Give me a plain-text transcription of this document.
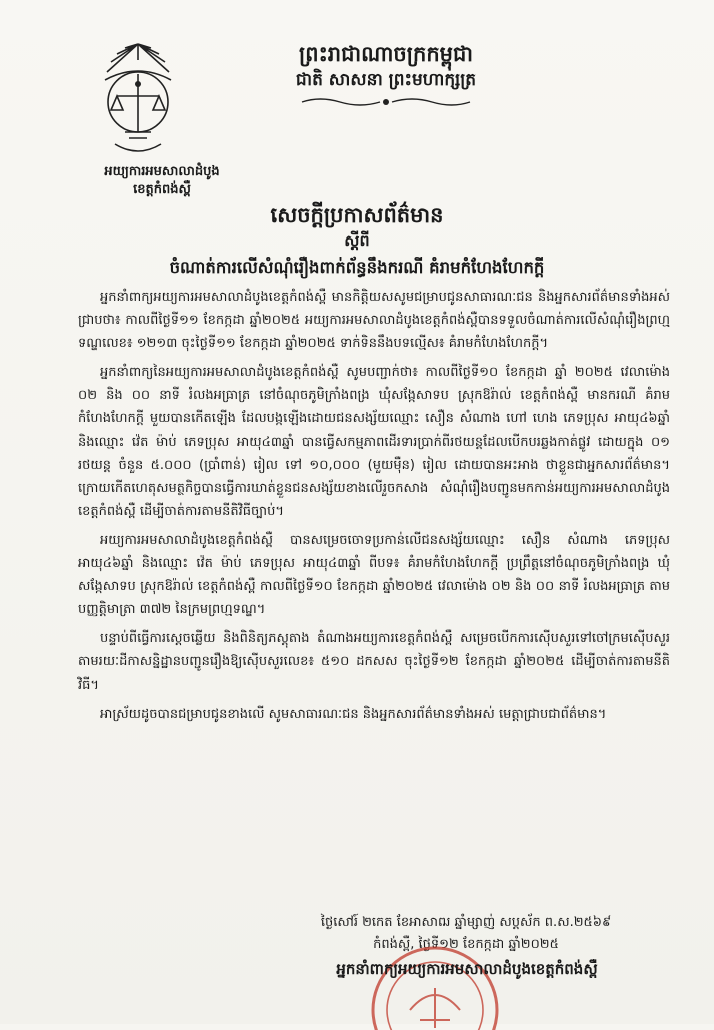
ព្រះរាជាណាចក្រកម្ពុជា
ជាតិ សាសនា ព្រះមហាក្សត្រ
អយ្យការអមសាលាដំបូង
ខេត្តកំពង់ស្ពឺ
សេចក្ដីប្រកាសព័ត៌មាន
ស្ដីពី
ចំណាត់ការលើសំណុំរឿងពាក់ព័ន្ធនឹងករណី គំរាមកំហែងហែកក្ដី

អ្នកនាំពាក្យអយ្យការអមសាលាដំបូងខេត្តកំពង់ស្ពឺ មានកិត្តិយសសូមជម្រាបជូនសាធារណៈជន និងអ្នកសារព័ត៌មានទាំងអស់ជ្រាបថា៖ កាលពីថ្ងៃទី១១ ខែកក្កដា ឆ្នាំ២០២៥ អយ្យការអមសាលាដំបូងខេត្តកំពង់ស្ពឺបានទទួលចំណាត់ការលើសំណុំរឿងព្រហ្មទណ្ឌលេខ៖ ១២១៣ ចុះថ្ងៃទី១១ ខែកក្កដា ឆ្នាំ២០២៥ ទាក់ទិននឹងបទល្មើស៖ គំរាមកំហែងហែកក្ដី។

អ្នកនាំពាក្យនៃអយ្យការអមសាលាដំបូងខេត្តកំពង់ស្ពឺ សូមបញ្ជាក់ថា៖ កាលពីថ្ងៃទី១០ ខែកក្កដា ឆ្នាំ ២០២៥ វេលាម៉ោង ០២ និង ០០ នាទី រំលងអធ្រាត្រ នៅចំណុចភូមិក្រាំងពង្រ ឃុំសង្កែសាទប ស្រុកឱរ៉ាល់ ខេត្តកំពង់ស្ពឺ មានករណី គំរាមកំហែងហែកក្ដី មួយបានកើតឡើង ដែលបង្កឡើងដោយជនសង្ស័យឈ្មោះ សឿន សំណាង ហៅ ហេង ភេទប្រុស អាយុ៤៦ឆ្នាំ និងឈ្មោះ វ៉េត ម៉ាប់ ភេទប្រុស អាយុ៤៣ឆ្នាំ បានធ្វើសកម្មភាពដើរទារប្រាក់ពីរថយន្តដែលបើកបរឆ្លងកាត់ផ្លូវ ដោយក្នុង ០១ រថយន្ត ចំនួន ៥.០០០ (ប្រាំពាន់) រៀល ទៅ ១០,០០០ (មួយម៉ឺន) រៀល ដោយបានអះអាង ថាខ្លួនជាអ្នកសារព័ត៌មាន។ ក្រោយកើតហេតុសមត្ថកិច្ចបានធ្វើការឃាត់ខ្លួនជនសង្ស័យខាងលើរួចកសាង សំណុំរឿងបញ្ជូនមកកាន់អយ្យការអមសាលាដំបូងខេត្តកំពង់ស្ពឺ ដើម្បីចាត់ការតាមនីតិវិធីច្បាប់។

អយ្យការអមសាលាដំបូងខេត្តកំពង់ស្ពឺ បានសម្រេចចោទប្រកាន់លើជនសង្ស័យឈ្មោះ សឿន សំណាង ភេទប្រុស អាយុ៤៦ឆ្នាំ និងឈ្មោះ វ៉េត ម៉ាប់ ភេទប្រុស អាយុ៤៣ឆ្នាំ ពីបទ៖ គំរាមកំហែងហែកក្ដី ប្រព្រឹត្តនៅចំណុចភូមិក្រាំងពង្រ ឃុំសង្កែសាទប ស្រុកឱរ៉ាល់ ខេត្តកំពង់ស្ពឺ កាលពីថ្ងៃទី១០ ខែកក្កដា ឆ្នាំ២០២៥ វេលាម៉ោង ០២ និង ០០ នាទី រំលងអធ្រាត្រ តាមបញ្ញត្តិមាត្រា ៣៧២ នៃក្រមព្រហ្មទណ្ឌ។

បន្ទាប់ពីធ្វើការស្ដេចឆ្លើយ និងពិនិត្យភស្តុតាង តំណាងអយ្យការខេត្តកំពង់ស្ពឺ សម្រេចបើកការស៊ើបសួរទៅចៅក្រមស៊ើបសួរតាមរយៈដីកាសន្និដ្ឋានបញ្ជូនរឿងឱ្យស៊ើបសួរលេខ៖ ៥១០ ដកសស ចុះថ្ងៃទី១២ ខែកក្កដា ឆ្នាំ២០២៥ ដើម្បីចាត់ការតាមនីតិវិធី។

អាស្រ័យដូចបានជម្រាបជូនខាងលើ សូមសាធារណៈជន និងអ្នកសារព័ត៌មានទាំងអស់ មេត្តាជ្រាបជាព័ត៌មាន។

ថ្ងៃសៅរ៍ ២កេត ខែអាសាឍ ឆ្នាំម្សាញ់ សប្តស័ក ព.ស.២៥៦៩
កំពង់ស្ពឺ, ថ្ងៃទី១២ ខែកក្កដា ឆ្នាំ២០២៥
អ្នកនាំពាក្យអយ្យការអមសាលាដំបូងខេត្តកំពង់ស្ពឺ
